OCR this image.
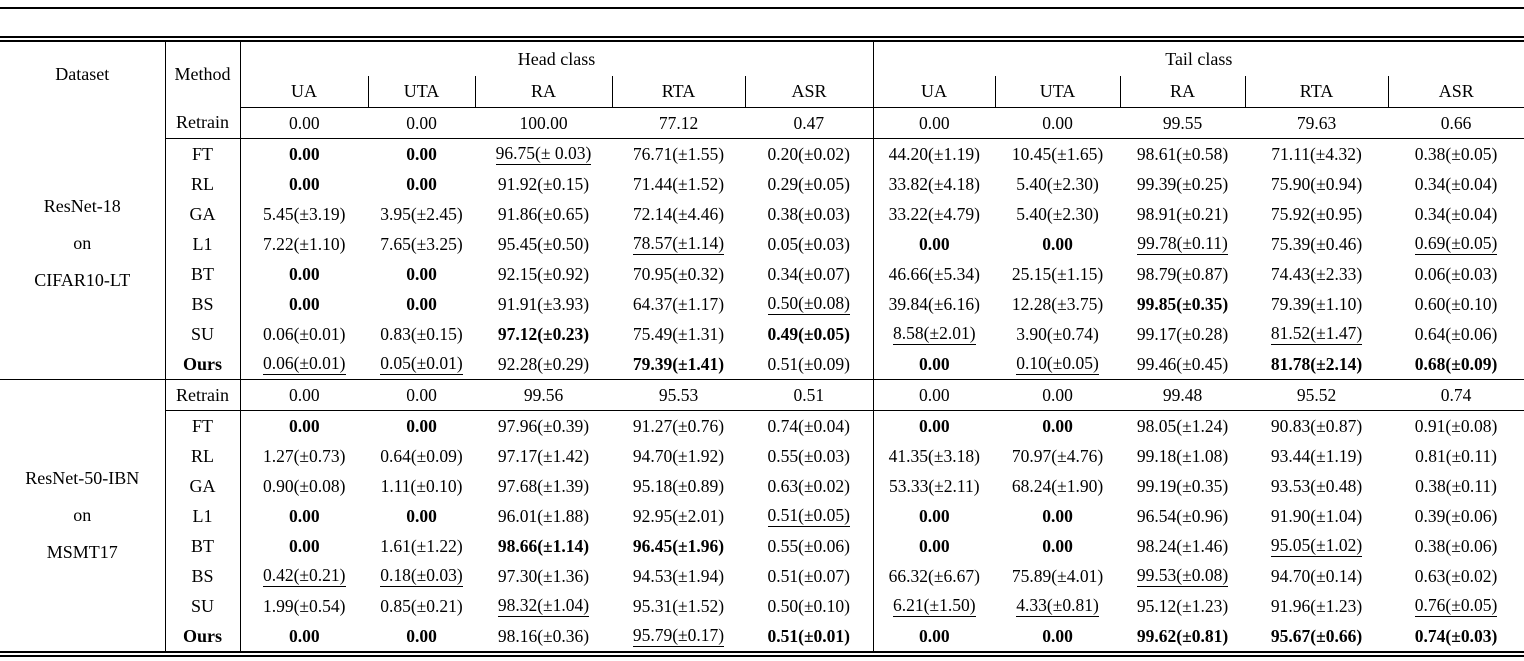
Dataset	Method	Head class					Tail class				
		UA	UTA	RA	RTA	ASR	UA	UTA	RA	RTA	ASR

ResNet-18
on
CIFAR10-LT	Retrain	0.00	0.00	100.00	77.12	0.47	0.00	0.00	99.55	79.63	0.66
	FT	0.00	0.00	96.75(± 0.03)	76.71(±1.55)	0.20(±0.02)	44.20(±1.19)	10.45(±1.65)	98.61(±0.58)	71.11(±4.32)	0.38(±0.05)
	RL	0.00	0.00	91.92(±0.15)	71.44(±1.52)	0.29(±0.05)	33.82(±4.18)	5.40(±2.30)	99.39(±0.25)	75.90(±0.94)	0.34(±0.04)
	GA	5.45(±3.19)	3.95(±2.45)	91.86(±0.65)	72.14(±4.46)	0.38(±0.03)	33.22(±4.79)	5.40(±2.30)	98.91(±0.21)	75.92(±0.95)	0.34(±0.04)
	L1	7.22(±1.10)	7.65(±3.25)	95.45(±0.50)	78.57(±1.14)	0.05(±0.03)	0.00	0.00	99.78(±0.11)	75.39(±0.46)	0.69(±0.05)
	BT	0.00	0.00	92.15(±0.92)	70.95(±0.32)	0.34(±0.07)	46.66(±5.34)	25.15(±1.15)	98.79(±0.87)	74.43(±2.33)	0.06(±0.03)
	BS	0.00	0.00	91.91(±3.93)	64.37(±1.17)	0.50(±0.08)	39.84(±6.16)	12.28(±3.75)	99.85(±0.35)	79.39(±1.10)	0.60(±0.10)
	SU	0.06(±0.01)	0.83(±0.15)	97.12(±0.23)	75.49(±1.31)	0.49(±0.05)	8.58(±2.01)	3.90(±0.74)	99.17(±0.28)	81.52(±1.47)	0.64(±0.06)
	Ours	0.06(±0.01)	0.05(±0.01)	92.28(±0.29)	79.39(±1.41)	0.51(±0.09)	0.00	0.10(±0.05)	99.46(±0.45)	81.78(±2.14)	0.68(±0.09)

ResNet-50-IBN
on
MSMT17	Retrain	0.00	0.00	99.56	95.53	0.51	0.00	0.00	99.48	95.52	0.74
	FT	0.00	0.00	97.96(±0.39)	91.27(±0.76)	0.74(±0.04)	0.00	0.00	98.05(±1.24)	90.83(±0.87)	0.91(±0.08)
	RL	1.27(±0.73)	0.64(±0.09)	97.17(±1.42)	94.70(±1.92)	0.55(±0.03)	41.35(±3.18)	70.97(±4.76)	99.18(±1.08)	93.44(±1.19)	0.81(±0.11)
	GA	0.90(±0.08)	1.11(±0.10)	97.68(±1.39)	95.18(±0.89)	0.63(±0.02)	53.33(±2.11)	68.24(±1.90)	99.19(±0.35)	93.53(±0.48)	0.38(±0.11)
	L1	0.00	0.00	96.01(±1.88)	92.95(±2.01)	0.51(±0.05)	0.00	0.00	96.54(±0.96)	91.90(±1.04)	0.39(±0.06)
	BT	0.00	1.61(±1.22)	98.66(±1.14)	96.45(±1.96)	0.55(±0.06)	0.00	0.00	98.24(±1.46)	95.05(±1.02)	0.38(±0.06)
	BS	0.42(±0.21)	0.18(±0.03)	97.30(±1.36)	94.53(±1.94)	0.51(±0.07)	66.32(±6.67)	75.89(±4.01)	99.53(±0.08)	94.70(±0.14)	0.63(±0.02)
	SU	1.99(±0.54)	0.85(±0.21)	98.32(±1.04)	95.31(±1.52)	0.50(±0.10)	6.21(±1.50)	4.33(±0.81)	95.12(±1.23)	91.96(±1.23)	0.76(±0.05)
	Ours	0.00	0.00	98.16(±0.36)	95.79(±0.17)	0.51(±0.01)	0.00	0.00	99.62(±0.81)	95.67(±0.66)	0.74(±0.03)
